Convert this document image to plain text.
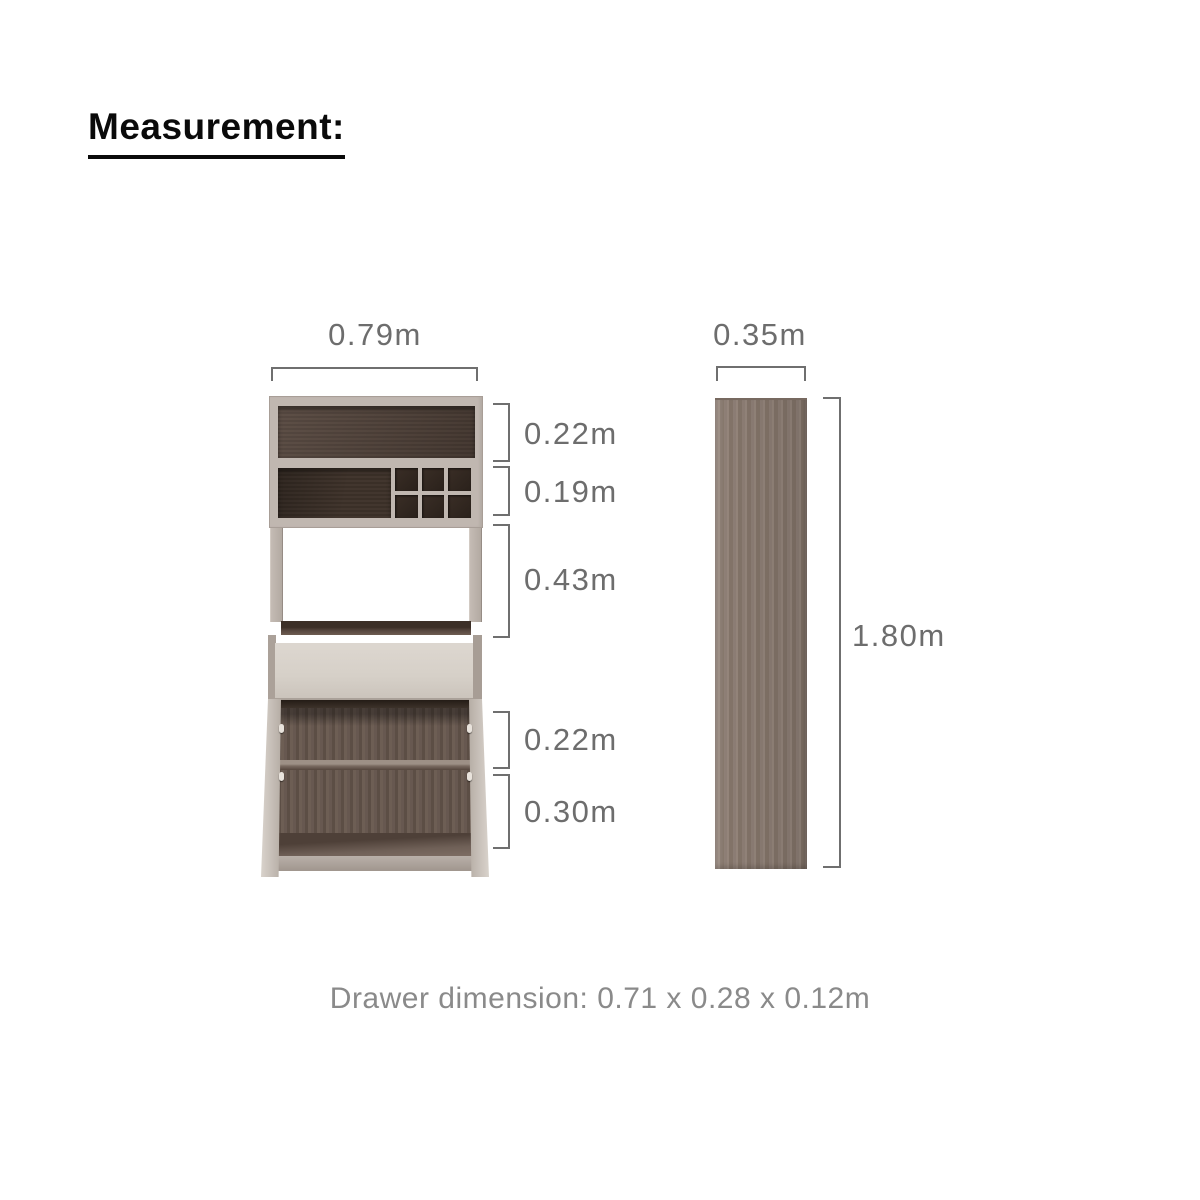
Measurement:
0.79m	0.35m
0.22m
0.19m
0.43m
0.22m
0.30m
1.80m
Drawer dimension: 0.71 x 0.28 x 0.12m
